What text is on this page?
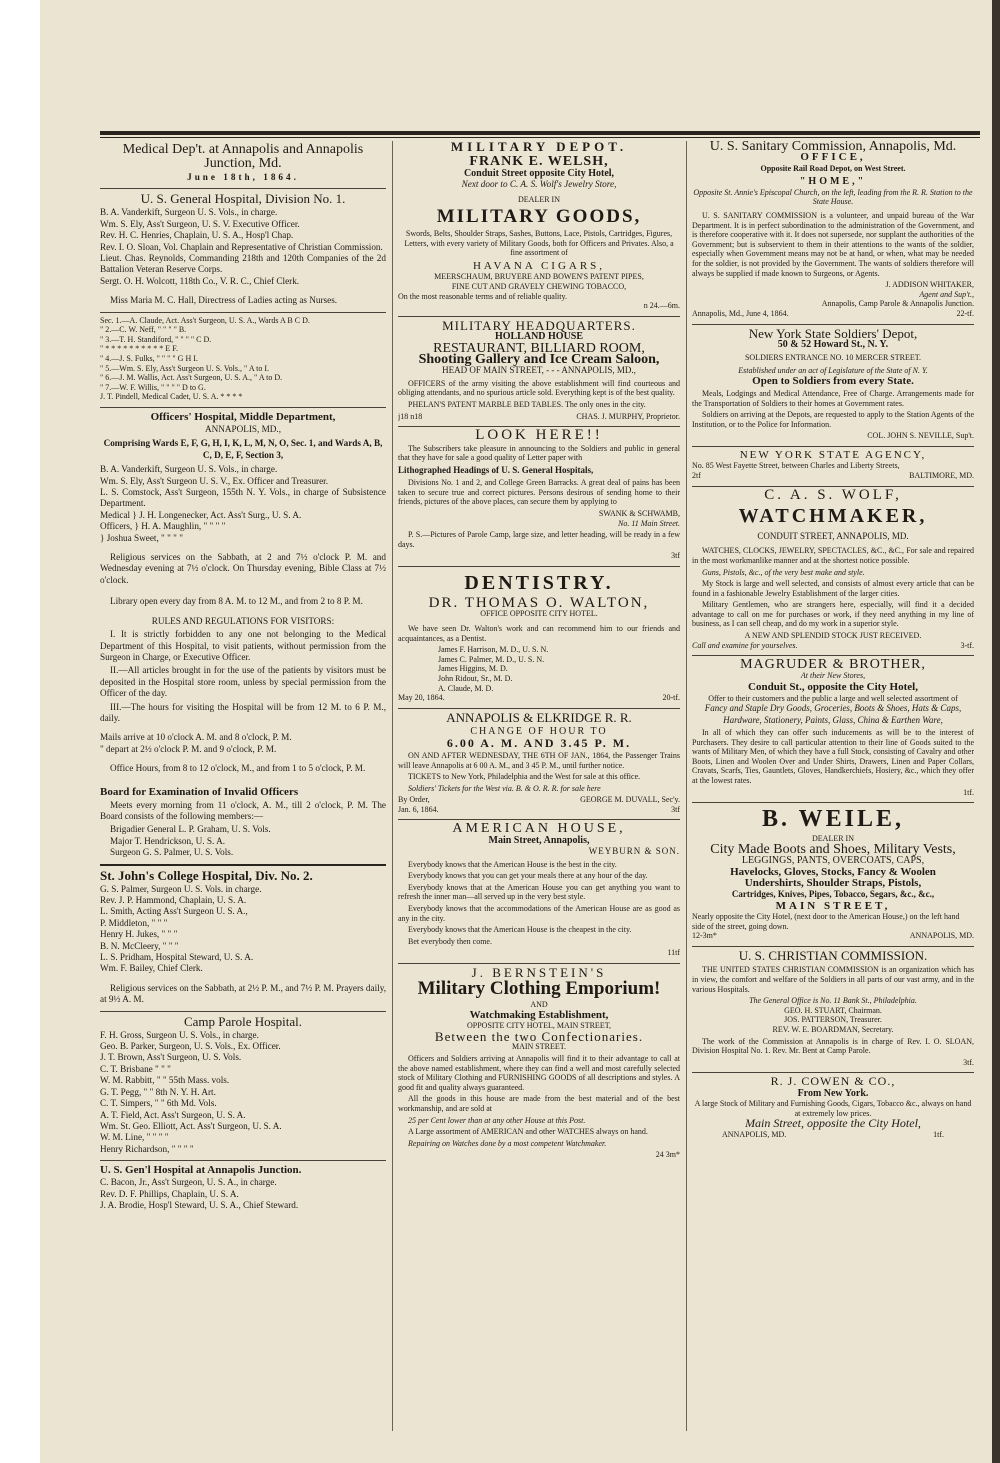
Medical Dep't. at Annapolis and Annapolis Junction, Md.
June 18th, 1864.
U. S. General Hospital, Division No. 1.

B. A. Vanderkift, Surgeon U. S. Vols., in charge.

Wm. S. Ely, Ass't Surgeon, U. S. V. Executive Officer.

Rev. H. C. Henries, Chaplain, U. S. A., Hosp'l Chap.

Rev. I. O. Sloan, Vol. Chaplain and Representative of Christian Commission.

Lieut. Chas. Reynolds, Commanding 218th and 120th Companies of the 2d Battalion Veteran Reserve Corps.

Sergt. O. H. Wolcott, 118th Co., V. R. C., Chief Clerk.

Miss Maria M. C. Hall, Directress of Ladies acting as Nurses.

Sec. 1.—A. Claude, Act. Ass't Surgeon, U. S. A., Wards A B C D.
" 2.—C. W. Neff, " " " " B.
" 3.—T. H. Standiford, " " " " C D.
" * * * * * * * * * * E F.
" 4.—J. S. Fulks, " " " " G H I.
" 5.—Wm. S. Ely, Ass't Surgeon U. S. Vols., " A to I.
" 6.—J. M. Wallis, Act. Ass't Surgeon, U. S. A., " A to D.
" 7.—W. F. Willis, " " " " D to G.
J. T. Pindell, Medical Cadet, U. S. A. * * * *
Officers' Hospital, Middle Department,
ANNAPOLIS, MD.,
Comprising Wards E, F, G, H, I, K, L, M, N, O, Sec. 1, and Wards A, B, C, D, E, F, Section 3,

B. A. Vanderkift, Surgeon U. S. Vols., in charge.

Wm. S. Ely, Ass't Surgeon U. S. V., Ex. Officer and Treasurer.

L. S. Comstock, Ass't Surgeon, 155th N. Y. Vols., in charge of Subsistence Department.

Medical } J. H. Longenecker, Act. Ass't Surg., U. S. A.

Officers, } H. A. Maughlin, " " " "

} Joshua Sweet, " " " "

Religious services on the Sabbath, at 2 and 7½ o'clock P. M. and Wednesday evening at 7½ o'clock. On Thursday evening, Bible Class at 7½ o'clock.

Library open every day from 8 A. M. to 12 M., and from 2 to 8 P. M.

RULES AND REGULATIONS FOR VISITORS:

I. It is strictly forbidden to any one not belonging to the Medical Department of this Hospital, to visit patients, without permission from the Surgeon in Charge, or Executive Officer.

II.—All articles brought in for the use of the patients by visitors must be deposited in the Hospital store room, unless by special permission from the Officer of the day.

III.—The hours for visiting the Hospital will be from 12 M. to 6 P. M., daily.

Mails arrive at 10 o'clock A. M. and 8 o'clock, P. M.

" depart at 2½ o'clock P. M. and 9 o'clock, P. M.

Office Hours, from 8 to 12 o'clock, M., and from 1 to 5 o'clock, P. M.

Board for Examination of Invalid Officers

Meets every morning from 11 o'clock, A. M., till 2 o'clock, P. M. The Board consists of the following members:—

Brigadier General L. P. Graham, U. S. Vols.

Major T. Hendrickson, U. S. A.

Surgeon G. S. Palmer, U. S. Vols.

St. John's College Hospital, Div. No. 2.

G. S. Palmer, Surgeon U. S. Vols. in charge.

Rev. J. P. Hammond, Chaplain, U. S. A.

L. Smith, Acting Ass't Surgeon U. S. A.,

P. Middleton, " " "

Henry H. Jukes, " " "

B. N. McCleery, " " "

L. S. Pridham, Hospital Steward, U. S. A.

Wm. F. Bailey, Chief Clerk.

Religious services on the Sabbath, at 2½ P. M., and 7½ P. M. Prayers daily, at 9½ A. M.

Camp Parole Hospital.

F. H. Gross, Surgeon U. S. Vols., in charge.

Geo. B. Parker, Surgeon, U. S. Vols., Ex. Officer.

J. T. Brown, Ass't Surgeon, U. S. Vols.

C. T. Brisbane " " "

W. M. Rabbitt, " " 55th Mass. vols.

G. T. Pegg, " " 8th N. Y. H. Art.

C. T. Simpers, " " 6th Md. Vols.

A. T. Field, Act. Ass't Surgeon, U. S. A.

Wm. St. Geo. Elliott, Act. Ass't Surgeon, U. S. A.

W. M. Line, " " " "

Henry Richardson, " " " "

U. S. Gen'l Hospital at Annapolis Junction.

C. Bacon, Jr., Ass't Surgeon, U. S. A., in charge.

Rev. D. F. Phillips, Chaplain, U. S. A.

J. A. Brodie, Hosp'l Steward, U. S. A., Chief Steward.

MILITARY DEPOT.
FRANK E. WELSH,
Conduit Street opposite City Hotel,
Next door to C. A. S. Wolf's Jewelry Store,
DEALER IN
MILITARY GOODS,
Swords, Belts, Shoulder Straps, Sashes, Buttons, Lace, Pistols, Cartridges, Figures, Letters, with every variety of Military Goods, both for Officers and Privates. Also, a fine assortment of
HAVANA CIGARS,
MEERSCHAUM, BRUYERE AND BOWEN'S PATENT PIPES,
FINE CUT AND GRAVELY CHEWING TOBACCO,
On the most reasonable terms and of reliable quality.
n 24.—6m.
MILITARY HEADQUARTERS.
HOLLAND HOUSE
RESTAURANT, BILLIARD ROOM,
Shooting Gallery and Ice Cream Saloon,
HEAD OF MAIN STREET, - - - ANNAPOLIS, MD.,

OFFICERS of the army visiting the above establishment will find courteous and obliging attendants, and no spurious article sold. Everything kept is of the best quality.

PHELAN'S PATENT MARBLE BED TABLES. The only ones in the city.

j18 n18	CHAS. J. MURPHY, Proprietor.
LOOK HERE!!

The Subscribers take pleasure in announcing to the Soldiers and public in general that they have for sale a good quality of Letter paper with

Lithographed Headings of U. S. General Hospitals,

Divisions No. 1 and 2, and College Green Barracks. A great deal of pains has been taken to secure true and correct pictures. Persons desirous of sending home to their friends, pictures of the above places, can secure them by applying to

SWANK & SCHWAMB,
No. 11 Main Street.

P. S.—Pictures of Parole Camp, large size, and letter heading, will be ready in a few days.

3tf
DENTISTRY.
DR. THOMAS O. WALTON,
OFFICE OPPOSITE CITY HOTEL.

We have seen Dr. Walton's work and can recommend him to our friends and acquaintances, as a Dentist.

James F. Harrison, M. D., U. S. N.
James C. Palmer, M. D., U. S. N.
James Higgins, M. D.
John Ridout, Sr., M. D.
A. Claude, M. D.
May 20, 1864.	20-tf.
ANNAPOLIS & ELKRIDGE R. R.
CHANGE OF HOUR TO
6.00 A. M. AND 3.45 P. M.

ON AND AFTER WEDNESDAY, THE 6TH OF JAN., 1864, the Passenger Trains will leave Annapolis at 6 00 A. M., and 3 45 P. M., until further notice.

TICKETS to New York, Philadelphia and the West for sale at this office.

Soldiers' Tickets for the West via. B. & O. R. R. for sale here

By Order,	GEORGE M. DUVALL, Sec'y.
Jan. 6, 1864.	3tf
AMERICAN HOUSE,
Main Street, Annapolis,
WEYBURN & SON.

Everybody knows that the American House is the best in the city.

Everybody knows that you can get your meals there at any hour of the day.

Everybody knows that at the American House you can get anything you want to refresh the inner man—all served up in the very best style.

Everybody knows that the accommodations of the American House are as good as any in the city.

Everybody knows that the American House is the cheapest in the city.

Bet everybody then come.

11tf
J. BERNSTEIN'S
Military Clothing Emporium!
AND
Watchmaking Establishment,
OPPOSITE CITY HOTEL, MAIN STREET,
Between the two Confectionaries.
MAIN STREET.

Officers and Soldiers arriving at Annapolis will find it to their advantage to call at the above named establishment, where they can find a well and most carefully selected stock of Military Clothing and FURNISHING GOODS of all descriptions and styles. A good fit and quality always guaranteed.

All the goods in this house are made from the best material and of the best workmanship, and are sold at

25 per Cent lower than at any other House at this Post.

A Large assortment of AMERICAN and other WATCHES always on hand.

Repairing on Watches done by a most competent Watchmaker.

24 3m*
U. S. Sanitary Commission, Annapolis, Md.
OFFICE,
Opposite Rail Road Depot, on West Street.
"HOME,"
Opposite St. Annie's Episcopal Church, on the left, leading from the R. R. Station to the State House.

U. S. SANITARY COMMISSION is a volunteer, and unpaid bureau of the War Department. It is in perfect subordination to the administration of the Government, and is therefore cooperative with it. It does not supersede, nor supplant the authorities of the Government; but is subservient to them in their attentions to the wants of the soldier, especially when Government means may not be at hand, or when, what may be needed for the soldier, is not provided by the Government. The wants of soldiers therefore will always be supplied if made known to Surgeons, or Agents.

J. ADDISON WHITAKER,
Agent and Sup't.,
Annapolis, Camp Parole & Annapolis Junction.
Annapolis, Md., June 4, 1864.	22-tf.
New York State Soldiers' Depot,
50 & 52 Howard St., N. Y.
SOLDIERS ENTRANCE NO. 10 MERCER STREET.
Established under an act of Legislature of the State of N. Y.
Open to Soldiers from every State.

Meals, Lodgings and Medical Attendance, Free of Charge. Arrangements made for the Transportation of Soldiers to their homes at Government rates.

Soldiers on arriving at the Depots, are requested to apply to the Station Agents of the Institution, or to the Police for Information.

COL. JOHN S. NEVILLE, Sup't.
NEW YORK STATE AGENCY,
No. 85 West Fayette Street, between Charles and Liberty Streets,
2tf	BALTIMORE, MD.
C. A. S. WOLF,
WATCHMAKER,
CONDUIT STREET, ANNAPOLIS, MD.

WATCHES, CLOCKS, JEWELRY, SPECTACLES, &C., &C., For sale and repaired in the most workmanlike manner and at the shortest notice possible.

Guns, Pistols, &c., of the very best make and style.

My Stock is large and well selected, and consists of almost every article that can be found in a fashionable Jewelry Establishment of the larger cities.

Military Gentlemen, who are strangers here, especially, will find it a decided advantage to call on me for purchases or work, if they need anything in my line of business, as I can sell cheap, and do my work in a superior style.

A NEW AND SPLENDID STOCK JUST RECEIVED.
Call and examine for yourselves.	3-tf.
MAGRUDER & BROTHER,
At their New Stores,
Conduit St., opposite the City Hotel,
Offer to their customers and the public a large and well selected assortment of
Fancy and Staple Dry Goods, Groceries, Boots & Shoes, Hats & Caps, Hardware, Stationery, Paints, Glass, China & Earthen Ware,

In all of which they can offer such inducements as will be to the interest of Purchasers. They desire to call particular attention to their line of Goods suited to the wants of Military Men, of which they have a full Stock, consisting of Cavalry and other Boots, Linen and Woolen Over and Under Shirts, Drawers, Linen and Paper Collars, Cravats, Scarfs, Ties, Gauntlets, Gloves, Handkerchiefs, Hosiery, &c., which they offer at the lowest rates.

1tf.
B. WEILE,
DEALER IN
City Made Boots and Shoes, Military Vests,
LEGGINGS, PANTS, OVERCOATS, CAPS,
Havelocks, Gloves, Stocks, Fancy & Woolen
Undershirts, Shoulder Straps, Pistols,
Cartridges, Knives, Pipes, Tobacco, Segars, &c., &c.,
MAIN STREET,
Nearly opposite the City Hotel, (next door to the American House,) on the left hand side of the street, going down.
12-3m*	ANNAPOLIS, MD.
U. S. CHRISTIAN COMMISSION.

THE UNITED STATES CHRISTIAN COMMISSION is an organization which has in view, the comfort and welfare of the Soldiers in all parts of our vast army, and in the various Hospitals.

The General Office is No. 11 Bank St., Philadelphia.
GEO. H. STUART, Chairman.
JOS. PATTERSON, Treasurer.
REV. W. E. BOARDMAN, Secretary.

The work of the Commission at Annapolis is in charge of Rev. I. O. SLOAN, Division Hospital No. 1. Rev. Mr. Bent at Camp Parole.

3tf.
R. J. COWEN & CO.,
From New York.
A large Stock of Military and Furnishing Goods, Cigars, Tobacco &c., always on hand at extremely low prices.
Main Street, opposite the City Hotel,
ANNAPOLIS, MD.	1tf.
